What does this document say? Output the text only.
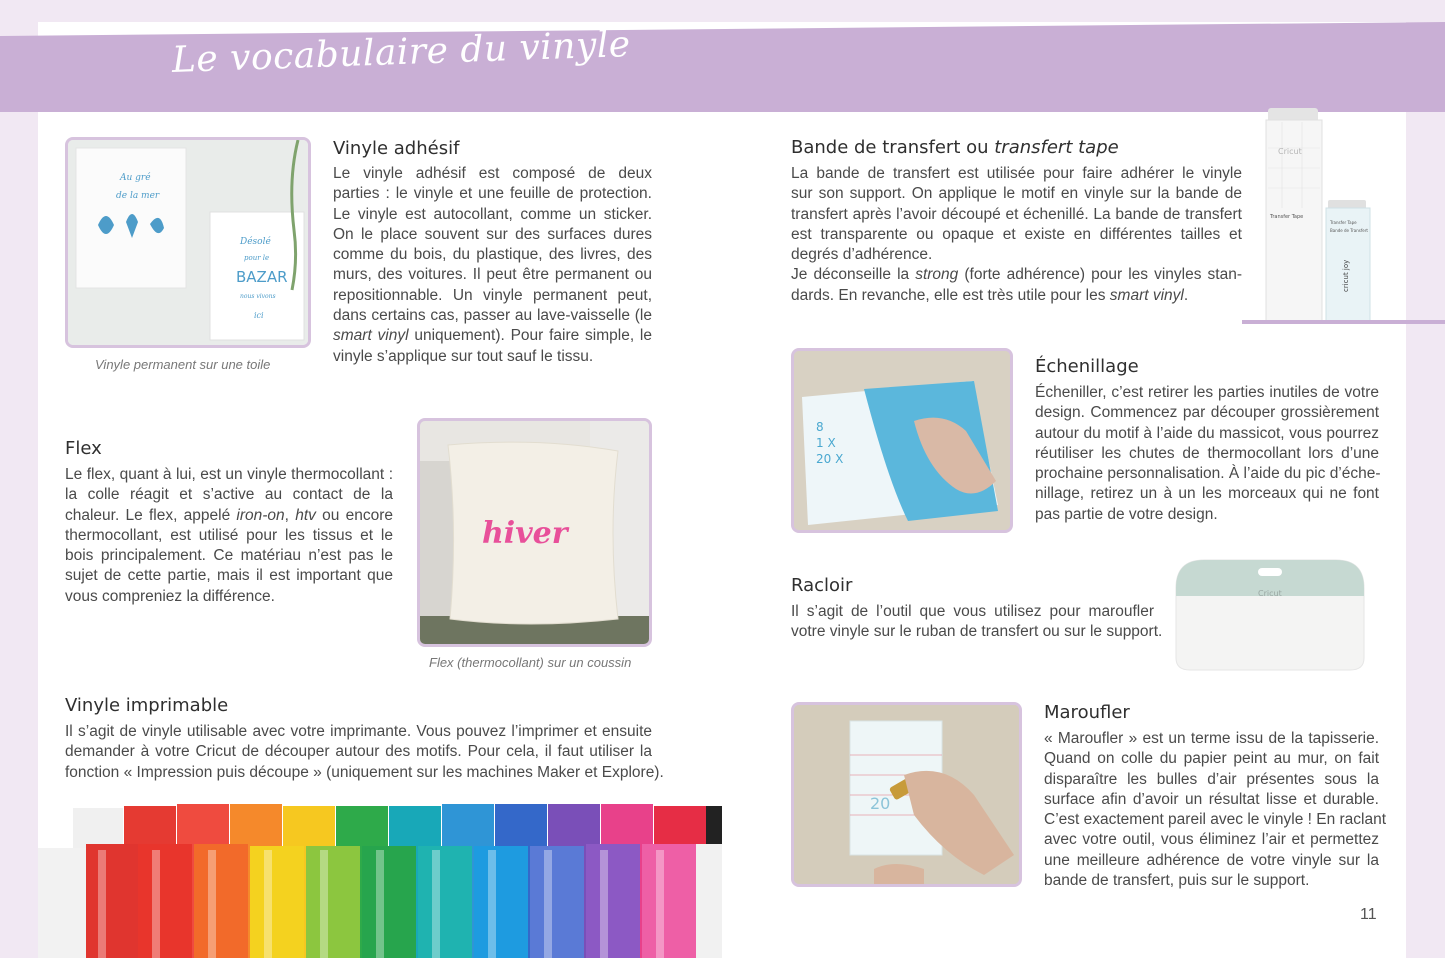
Le vocabulaire du vinyle
Au gré
de la mer
Désolé
pour le
BAZAR
nous vivons
ici
Vinyle permanent sur une toile
Vinyle adhésif
Le vinyle adhésif est composé de deux
parties : le vinyle et une feuille de protection.
Le vinyle est autocollant, comme un sticker.
On le place souvent sur des surfaces dures
comme du bois, du plastique, des livres, des
murs, des voitures. Il peut être permanent ou
repositionnable. Un vinyle permanent peut,
dans certains cas, passer au lave-vaisselle (le
smart vinyl uniquement). Pour faire simple, le
vinyle s’applique sur tout sauf le tissu.
Flex
Le flex, quant à lui, est un vinyle thermocollant :
la colle réagit et s’active au contact de la
chaleur. Le flex, appelé iron-on, htv ou encore
thermocollant, est utilisé pour les tissus et le
bois principalement. Ce matériau n’est pas le
sujet de cette partie, mais il est important que
vous compreniez la différence.
hiver
Flex (thermocollant) sur un coussin
Vinyle imprimable
Il s’agit de vinyle utilisable avec votre imprimante. Vous pouvez l’imprimer et ensuite
demander à votre Cricut de découper autour des motifs. Pour cela, il faut utiliser la
fonction « Impression puis découpe » (uniquement sur les machines Maker et Explore).
Bande de transfert ou transfert tape
La bande de transfert est utilisée pour faire adhérer le vinyle
sur son support. On applique le motif en vinyle sur la bande de
transfert après l’avoir découpé et échenillé. La bande de transfert
est transparente ou opaque et existe en différentes tailles et
degrés d’adhérence.
Je déconseille la strong (forte adhérence) pour les vinyles stan-
dards. En revanche, elle est très utile pour les smart vinyl.
Cricut
Transfer Tape
Transfer Tape
Bande de Transfert
cricut joy
8
1 X
20 X
Échenillage
Écheniller, c’est retirer les parties inutiles de votre
design. Commencez par découper grossièrement
autour du motif à l’aide du massicot, vous pourrez
réutiliser les chutes de thermocollant lors d’une
prochaine personnalisation. À l’aide du pic d’éche-
nillage, retirez un à un les morceaux qui ne font
pas partie de votre design.
Racloir
Il s’agit de l’outil que vous utilisez pour maroufler
votre vinyle sur le ruban de transfert ou sur le support.
Cricut
20
Maroufler
« Maroufler » est un terme issu de la tapisserie.
Quand on colle du papier peint au mur, on fait
disparaître les bulles d’air présentes sous la
surface afin d’avoir un résultat lisse et durable.
C’est exactement pareil avec le vinyle ! En raclant
avec votre outil, vous éliminez l’air et permettez
une meilleure adhérence de votre vinyle sur la
bande de transfert, puis sur le support.
11
